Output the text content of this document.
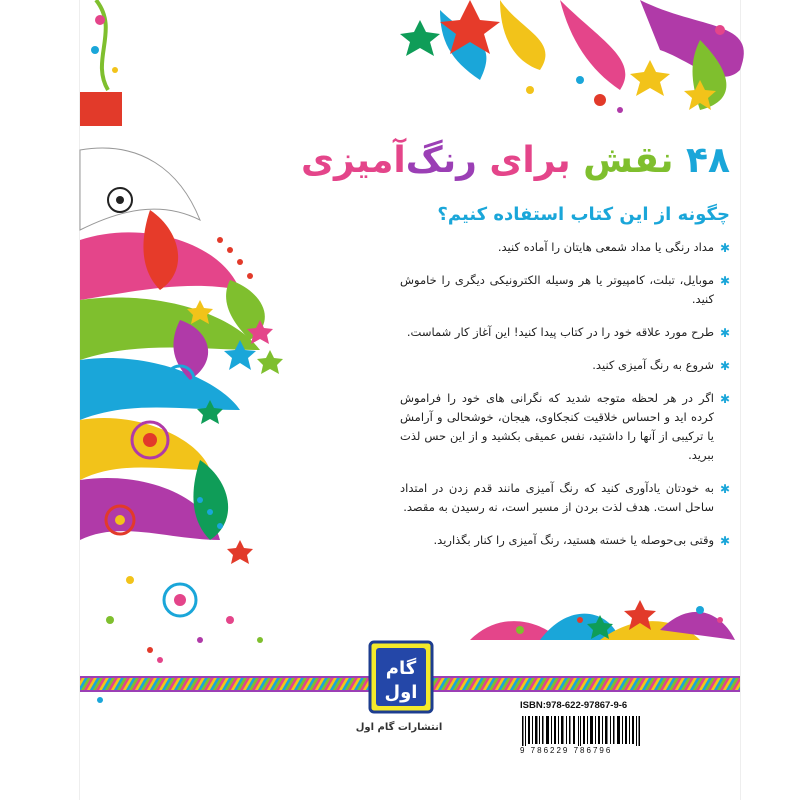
۴۸ نقش برای رنگآمیزی
چگونه از این کتاب استفاده کنیم؟
✱
مداد رنگی یا مداد شمعی هایتان را آماده کنید.
✱
موبایل، تبلت، کامپیوتر یا هر وسیله الکترونیکی دیگری را خاموش کنید.
✱
طرح مورد علاقه خود را در کتاب پیدا کنید! این آغاز کار شماست.
✱
شروع به رنگ آمیزی کنید.
✱
اگر در هر لحظه متوجه شدید که نگرانی های خود را فراموش کرده اید و احساس خلاقیت کنجکاوی، هیجان، خوشحالی و آرامش یا ترکیبی از آنها را داشتید، نفس عمیقی بکشید و از این حس لذت ببرید.
✱
به خودتان یادآوری کنید که رنگ آمیزی مانند قدم زدن در امتداد ساحل است. هدف لذت بردن از مسیر است، نه رسیدن به مقصد.
✱
وقتی بی‌حوصله یا خسته هستید، رنگ آمیزی را کنار بگذارید.
گام
اول
انتشارات گام اول
ISBN:978-622-97867-9-6
9 786229 786796
